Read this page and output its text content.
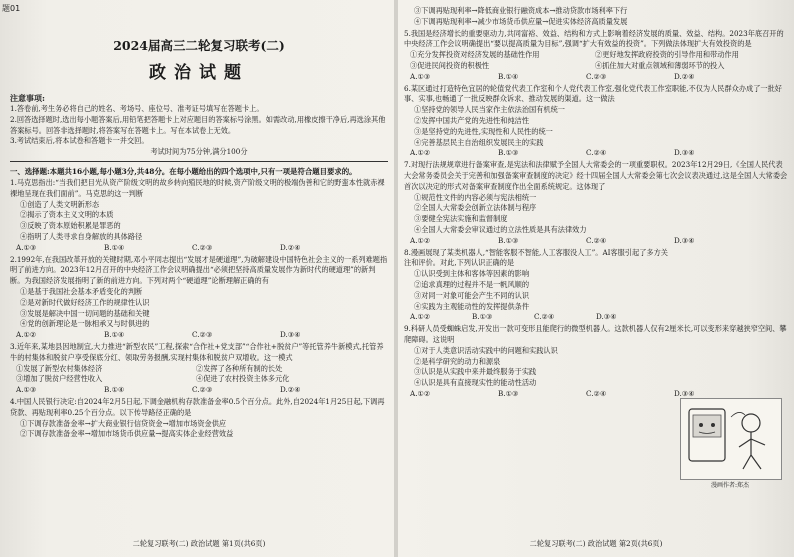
题01
2024届高三二轮复习联考(二)
政治试题
注意事项:
1.答卷前,考生务必将自己的姓名、考场号、座位号、准考证号填写在答题卡上。
2.回答选择题时,选出每小题答案后,用铅笔把答题卡上对应题目的答案标号涂黑。如需改动,用橡皮擦干净后,再选涂其他答案标号。回答非选择题时,将答案写在答题卡上。写在本试卷上无效。
3.考试结束后,将本试卷和答题卡一并交回。
考试时间为75分钟,满分100分
一、选择题:本题共16小题,每小题3分,共48分。在每小题给出的四个选项中,只有一项是符合题目要求的。
1.马克思指出:“当我们把目光从资产阶级文明的故乡转向殖民地的时候,资产阶级文明的极端伪善和它的野蛮本性就赤裸裸地呈现在我们面前”。马克思的这一判断
①创造了人类文明新形态
②揭示了资本主义文明的本质
③反映了资本原始积累是罪恶的
④指明了人类寻求自身解放的具体路径
A.①③	B.①④	C.②③	D.②④
2.1992年,在我国改革开放的关键时期,邓小平同志提出“发展才是硬道理”,为破解建设中国特色社会主义的一系列难题指明了前进方向。2023年12月召开的中央经济工作会议明确提出“必须把坚持高质量发展作为新时代的硬道理”的新判断。为我国经济发展指明了新的前进方向。下列对两个“硬道理”论断理解正确的有
①是基于我国社会基本矛盾变化的判断
②是对新时代做好经济工作的规律性认识
③发展是解决中国一切问题的基础和关键
④党的创新理论是一脉相承又与时俱进的
A.①②	B.①④	C.②③	D.③④
3.近年来,某地县因地制宜,大力推进“新型农民”工程,探索“合作社+党支部”“合作社+脱贫户”等托管养牛新模式,托管养牛的村集体和脱贫户享受保底分红、领取劳务报酬,实现村集体和脱贫户双增收。这一模式
①发展了新型农村集体经济	②发挥了各种所有制的长处
③增加了脱贫户经营性收入	④促进了农村投资主体多元化
A.①③	B.①④	C.②③	D.②④
4.中国人民银行决定:自2024年2月5日起,下调金融机构存款准备金率0.5个百分点。此外,自2024年1月25日起,下调再贷款、再贴现利率0.25个百分点。以下传导路径正确的是
①下调存款准备金率→扩大商业银行信贷资金→增加市场资金供应
②下调存款准备金率→增加市场货币供应量→提高实体企业经营效益
二轮复习联考(二) 政治试题 第1页(共6页)
③下调再贴现利率→降低商业银行融资成本→推动贷款市场利率下行
④下调再贴现利率→减少市场货币供应量→促进实体经济高质量发展
5.我国是经济增长的重要驱动力,共同富裕、效益、结构和方式上影响着经济发展的质量、效益、结构。2023年底召开的中央经济工作会议明确提出“要以提高质量为目标”,强调“扩大有效益的投资”。下列做法体现扩大有效投资的是
①充分发挥投资对经济发展的基础性作用	②更好地发挥政府投资的引导作用和带动作用
③促进民间投资的积极性	④抓住加大对重点领域和薄弱环节的投入
A.①③	B.①④	C.②③	D.②④
6.某区通过打造特色宜居的轮值党代表工作室和个人党代表工作室,强化党代表工作室职能,不仅为人民群众办成了一批好事、实事,也畅通了一批反映群众诉求、推动发展的渠道。这一做法
①坚持党的领导人民当家作主依法治国有机统一
②发挥中国共产党的先进性和纯洁性
③是坚持党的先进性,实现性和人民性的统一
④完善基层民主自治组织发展民主的实践
A.①②	B.①③	C.②④	D.③④
7.对现行法规规章进行备案审查,是宪法和法律赋予全国人大常委会的一项重要职权。2023年12月29日,《全国人民代表大会常务委员会关于完善和加强备案审查制度的决定》经十四届全国人大常委会第七次会议表决通过,这是全国人大常委会首次以决定的形式对备案审查制度作出全面系统规定。这体现了
①规范性文件的内容必须与宪法相统一
②全国人大常委会创新立法体制与程序
③要健全宪法实施和监督制度
④全国人大常委会审议通过的立法性质是具有法律效力
A.①②	B.①③	C.②④	D.③④
8.漫画展现了某类机器人,“智能客服不智能,人工客服没人工”。AI客服引起了多方关注和评价。对此,下列认识正确的是
①认识受到主体和客体等因素的影响
②追求真理的过程并不是一帆风顺的
③对同一对象可能会产生不同的认识
④实践为主观能动性的发挥提供条件
A.①②	B.①③	C.②④	D.③④
9.科研人员受蜘蛛启发,开发出一款可变形且能爬行的微型机器人。这款机器人仅有2厘米长,可以变形来穿越狭窄空间、攀爬障碍。这说明
①对于人类意识活动实践中的问题和实践认识
②是科学研究的动力和源泉
③认识是从实践中来并最终服务于实践
④认识是具有直接现实性的能动性活动
A.①②	B.①③	C.②④	D.③④
漫画作者:郑杰
二轮复习联考(二) 政治试题 第2页(共6页)
